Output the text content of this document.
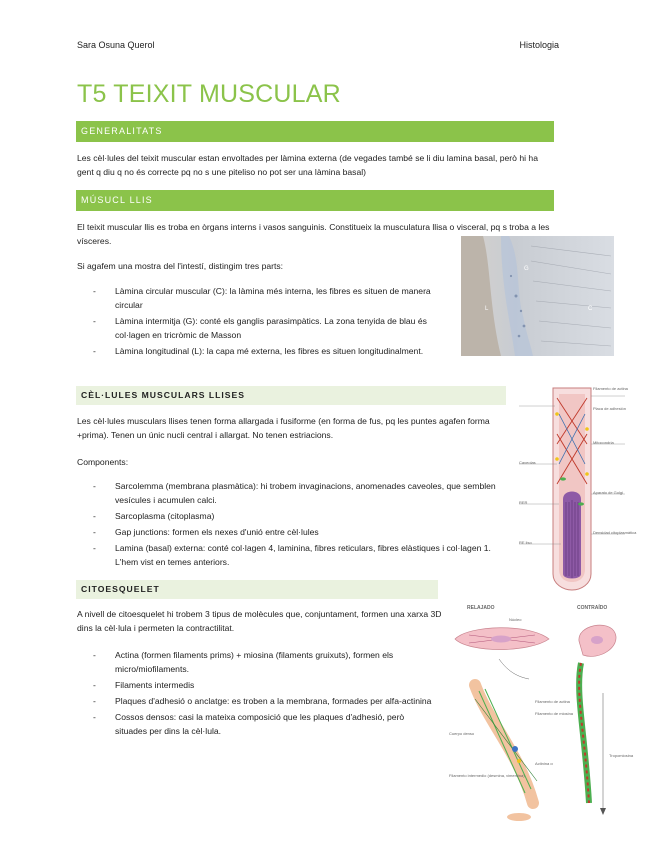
Sara Osuna Querol	Histologia
T5 TEIXIT MUSCULAR
GENERALITATS
Les cèl·lules del teixit muscular estan envoltades per làmina externa (de vegades també se li diu lamina basal, però hi ha gent q diu q no és correcte pq no s une piteliso no pot ser una làmina basal)
MÚSUCL LLIS
El teixit muscular llis es troba en òrgans interns i vasos sanguinis. Constitueix la musculatura llisa o visceral, pq s troba a les vísceres.
Si agafem una mostra del l'intestí, distingim tres parts:
- Làmina circular muscular (C): la làmina més interna, les fibres es situen de manera circular
- Làmina intermitja (G): conté els ganglis parasimpàtics. La zona tenyida de blau és col·lagen en tricròmic de Masson
- Làmina longitudinal (L): la capa mé externa, les fibres es situen longitudinalment.
L
G
C
CÈL·LULES MUSCULARS LLISES
Les cèl·lules musculars llises tenen forma allargada i fusiforme (en forma de fus, pq les puntes agafen forma +prima). Tenen un únic nucli central i allargat. No tenen estriacions.
Components:
- Sarcolemma (membrana plasmàtica): hi trobem invaginacions, anomenades caveoles, que semblen vesícules i acumulen calci.
- Sarcoplasma (citoplasma)
- Gap junctions: formen els nexes d'unió entre cèl·lules
- Lamina (basal) externa: conté col·lagen 4, laminina, fibres reticulars, fibres elàstiques i col·lagen 1. L'hem vist en temes anteriors.
Filamento de actina
Placa de adhesión
Mitocondria
Aparato de Golgi
Densidad citoplasmática
Caveolas
RER
RE liso
CITOESQUELET
A nivell de citoesquelet hi trobem 3 tipus de molècules que, conjuntament, formen una xarxa 3D dins la cèl·lula i permeten la contractilitat.
- Actina (formen filaments prims) + miosina (filaments gruixuts), formen els micro/miofilaments.
- Filaments intermedis
- Plaques d'adhesió o anclatge: es troben a la membrana, formades per alfa-actinina
- Cossos densos: casi la mateixa composició que les plaques d'adhesió, però situades per dins la cèl·lula.
RELAJADO	CONTRAÍDO
Núcleo
Filamento de actina
Filamento de miosina
Cuerpo denso
Filamento intermedio (desmina, vimentina)
Actinina α
Tropomiosina
